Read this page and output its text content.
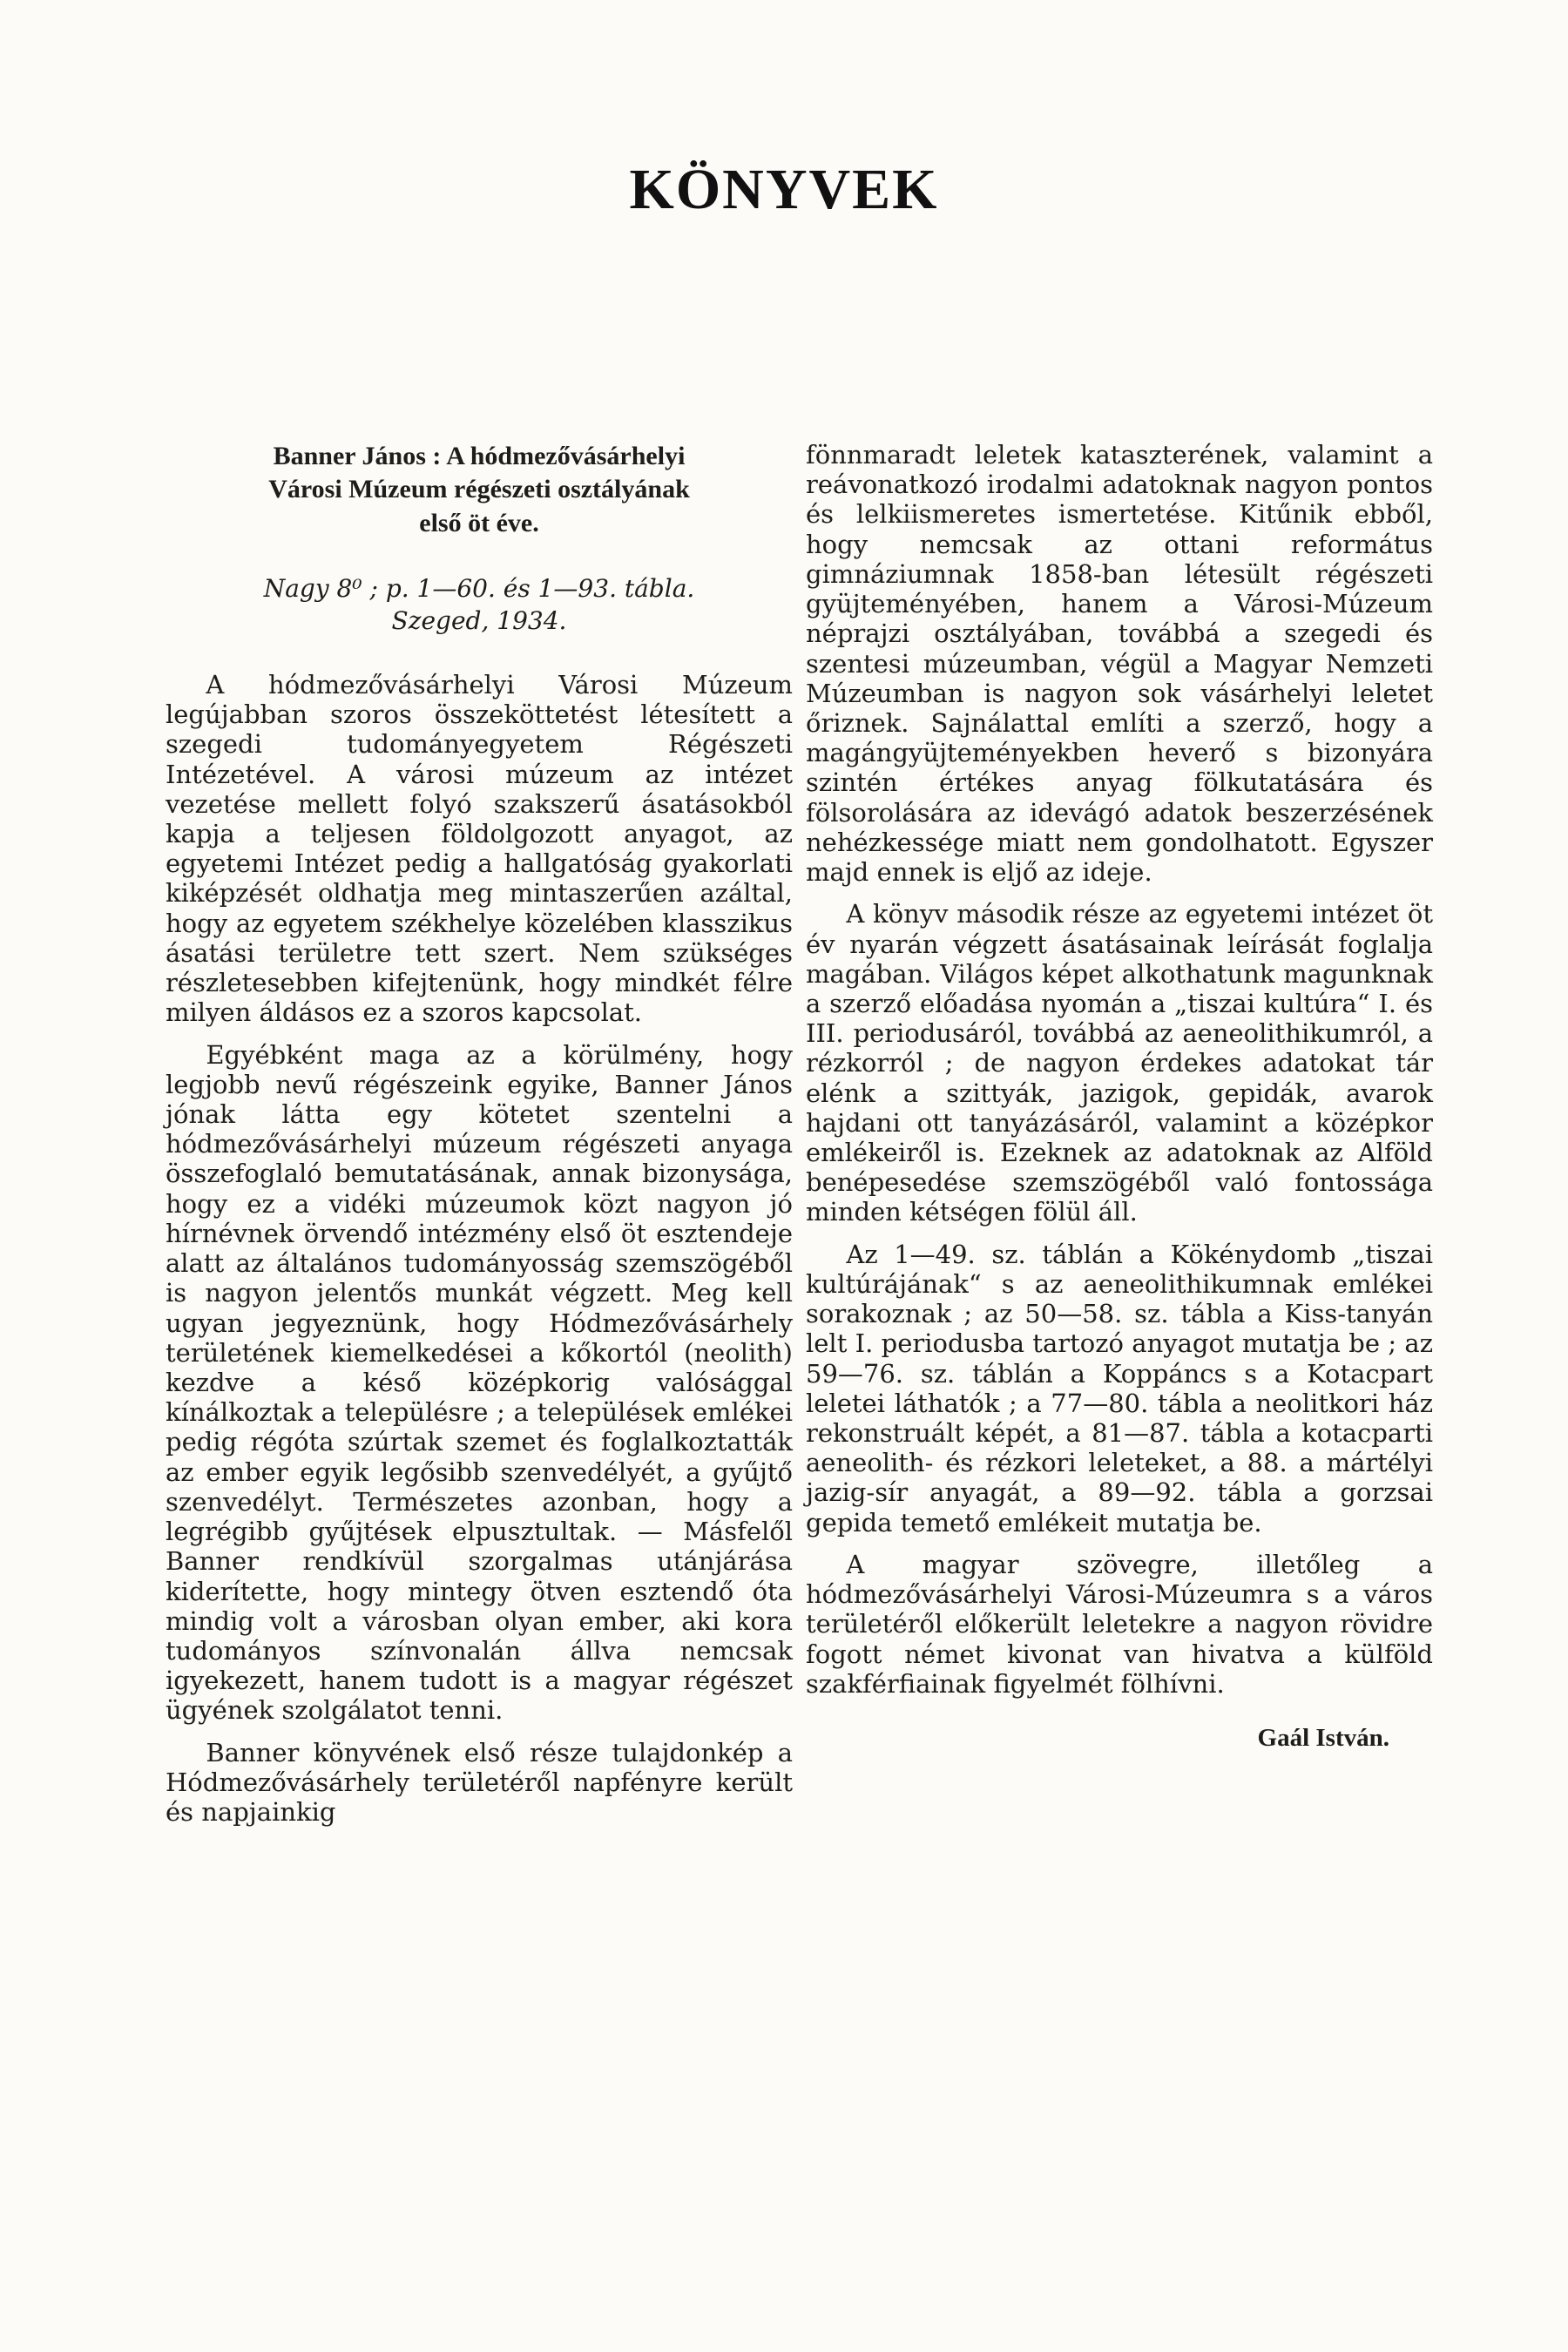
KÖNYVEK
Banner János : A hódmezővásárhelyi
Városi Múzeum régészeti osztályának
első öt éve.
Nagy 8⁰ ; p. 1—60. és 1—93. tábla.
Szeged, 1934.

A hódmezővásárhelyi Városi Múzeum legújabban szoros összeköttetést létesített a szegedi tudományegyetem Régészeti Intézetével. A városi múzeum az intézet vezetése mellett folyó szakszerű ásatásokból kapja a teljesen földolgozott anyagot, az egyetemi Intézet pedig a hallgatóság gyakorlati kiképzését oldhatja meg mintaszerűen azáltal, hogy az egyetem székhelye közelében klasszikus ásatási területre tett szert. Nem szükséges részletesebben kifejtenünk, hogy mindkét félre milyen áldásos ez a szoros kapcsolat.

Egyébként maga az a körülmény, hogy legjobb nevű régészeink egyike, Banner János jónak látta egy kötetet szentelni a hódmezővásárhelyi múzeum régészeti anyaga összefoglaló bemutatásának, annak bizonysága, hogy ez a vidéki múzeumok közt nagyon jó hírnévnek örvendő intézmény első öt esztendeje alatt az általános tudományosság szemszögéből is nagyon jelentős munkát végzett. Meg kell ugyan jegyeznünk, hogy Hódmezővásárhely területének kiemelkedései a kőkortól (neolith) kezdve a késő középkorig valósággal kínálkoztak a településre ; a települések emlékei pedig régóta szúrtak szemet és foglalkoztatták az ember egyik legősibb szenvedélyét, a gyűjtő szenvedélyt. Természetes azonban, hogy a legrégibb gyűjtések elpusztultak. — Másfelől Banner rendkívül szorgalmas utánjárása kiderítette, hogy mintegy ötven esztendő óta mindig volt a városban olyan ember, aki kora tudományos színvonalán állva nemcsak igyekezett, hanem tudott is a magyar régészet ügyének szolgálatot tenni.

Banner könyvének első része tulajdonkép a Hódmezővásárhely területéről napfényre került és napjainkig

fönnmaradt leletek kataszterének, valamint a reávonatkozó irodalmi adatoknak nagyon pontos és lelkiismeretes ismertetése. Kitűnik ebből, hogy nemcsak az ottani református gimnáziumnak 1858-ban létesült régészeti gyüjteményében, hanem a Városi-Múzeum néprajzi osztályában, továbbá a szegedi és szentesi múzeumban, végül a Magyar Nemzeti Múzeumban is nagyon sok vásárhelyi leletet őriznek. Sajnálattal említi a szerző, hogy a magángyüjteményekben heverő s bizonyára szintén értékes anyag fölkutatására és fölsorolására az idevágó adatok beszerzésének nehézkessége miatt nem gondolhatott. Egyszer majd ennek is eljő az ideje.

A könyv második része az egyetemi intézet öt év nyarán végzett ásatásainak leírását foglalja magában. Világos képet alkothatunk magunknak a szerző előadása nyomán a „tiszai kultúra“ I. és III. periodusáról, továbbá az aeneolithikumról, a rézkorról ; de nagyon érdekes adatokat tár elénk a szittyák, jazigok, gepidák, avarok hajdani ott tanyázásáról, valamint a középkor emlékeiről is. Ezeknek az adatoknak az Alföld benépesedése szemszögéből való fontossága minden kétségen fölül áll.

Az 1—49. sz. táblán a Kökénydomb „tiszai kultúrájának“ s az aeneolithikumnak emlékei sorakoznak ; az 50—58. sz. tábla a Kiss-tanyán lelt I. periodusba tartozó anyagot mutatja be ; az 59—76. sz. táblán a Koppáncs s a Kotacpart leletei láthatók ; a 77—80. tábla a neolitkori ház rekonstruált képét, a 81—87. tábla a kotacparti aeneolith- és rézkori leleteket, a 88. a mártélyi jazig-sír anyagát, a 89—92. tábla a gorzsai gepida temető emlékeit mutatja be.

A magyar szövegre, illetőleg a hódmezővásárhelyi Városi-Múzeumra s a város területéről előkerült leletekre a nagyon rövidre fogott német kivonat van hivatva a külföld szakférfiainak figyelmét fölhívni.

Gaál István.
